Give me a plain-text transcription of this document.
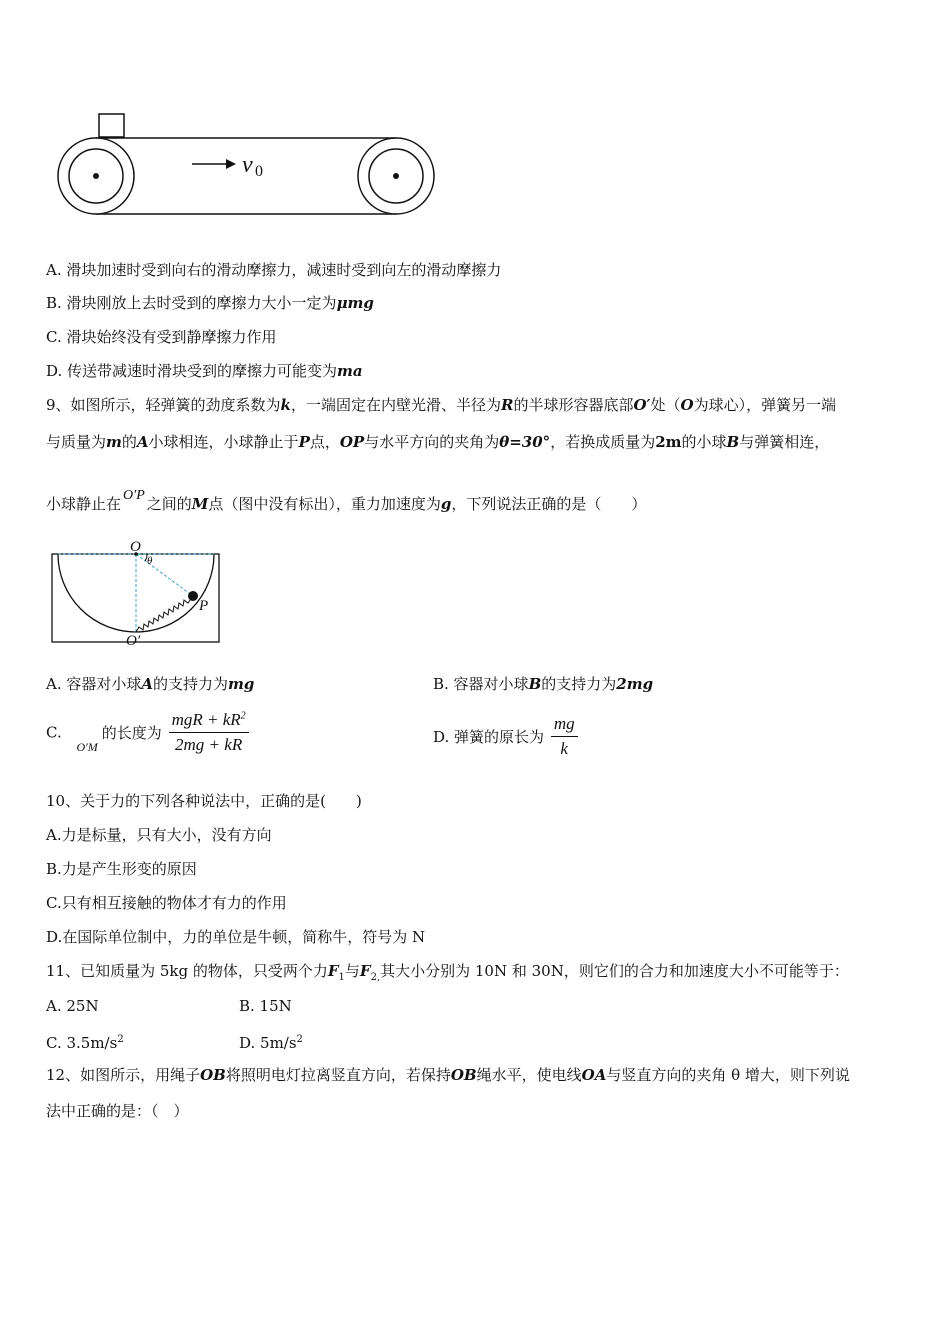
v 0
A. 滑块加速时受到向右的滑动摩擦力，减速时受到向左的滑动摩擦力
B. 滑块刚放上去时受到的摩擦力大小一定为μmg
C. 滑块始终没有受到静摩擦力作用
D. 传送带减速时滑块受到的摩擦力可能变为ma
9、如图所示，轻弹簧的劲度系数为k，一端固定在内壁光滑、半径为R的半球形容器底部O′处（O为球心），弹簧另一端
与质量为m的A小球相连，小球静止于P点，OP与水平方向的夹角为θ=30°，若换成质量为2m的小球B与弹簧相连，
小球静止在 O′P 之间的M点（图中没有标出），重力加速度为g，下列说法正确的是（　　）
O
θ
P
O′
A. 容器对小球A的支持力为mg	B. 容器对小球B的支持力为2mg
C. $_{O'M}$的长度为 $\frac{mgR + kR^2}{2mg + kR}$	D. 弹簧的原长为 $\frac{mg}{k}$
10、关于力的下列各种说法中，正确的是(　　)
A.力是标量，只有大小，没有方向
B.力是产生形变的原因
C.只有相互接触的物体才有力的作用
D.在国际单位制中，力的单位是牛顿，简称牛，符号为 N
11、已知质量为 5kg 的物体，只受两个力$F_1$与$F_{2,}$其大小分别为 10N 和 30N，则它们的合力和加速度大小不可能等于：
A. 25N	B. 15N
C. $3.5m/s^2$	D. $5m/s^2$
12、如图所示，用绳子OB将照明电灯拉离竖直方向，若保持OB绳水平，使电线OA与竖直方向的夹角 θ 增大，则下列说
法中正确的是：（　）
